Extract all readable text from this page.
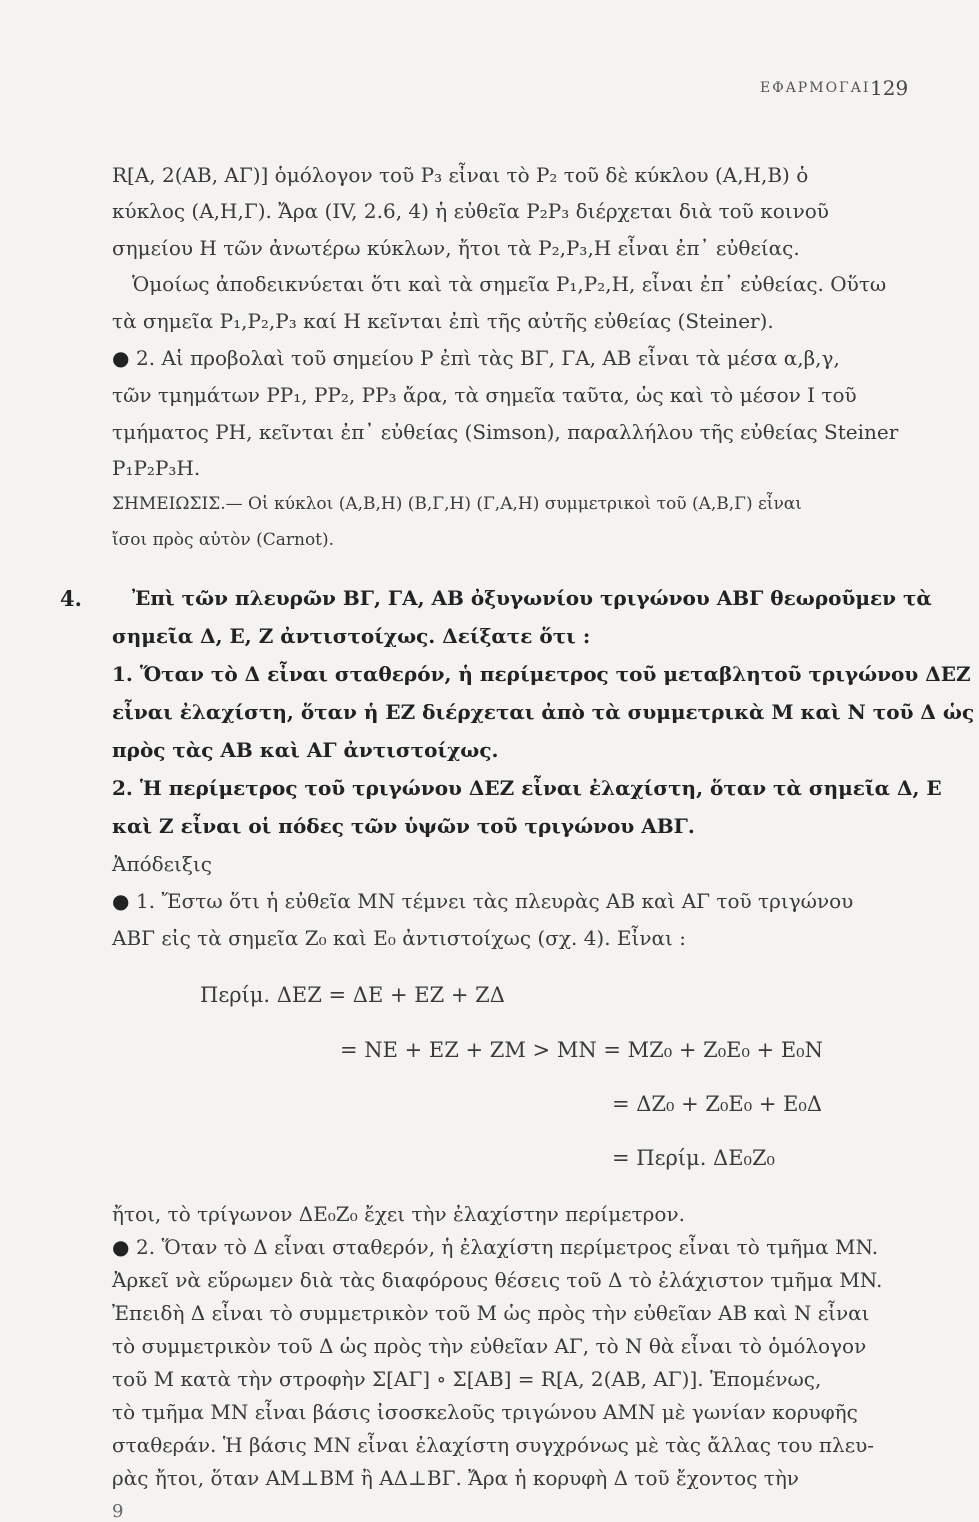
ΕΦΑΡΜΟΓΑΙ 129
R[A, 2(AB, AΓ)] ὁμόλογον τοῦ P₃ εἶναι τὸ P₂ τοῦ δὲ κύκλου (A,H,B) ὁ
κύκλος (A,H,Γ). Ἄρα (IV, 2.6, 4) ἡ εὐθεῖα P₂P₃ διέρχεται διὰ τοῦ κοινοῦ
σημείου H τῶν ἀνωτέρω κύκλων, ἤτοι τὰ P₂,P₃,H εἶναι ἐπ᾽ εὐθείας.
Ὁμοίως ἀποδεικνύεται ὅτι καὶ τὰ σημεῖα P₁,P₂,H, εἶναι ἐπ᾽ εὐθείας. Οὕτω
τὰ σημεῖα P₁,P₂,P₃ καί H κεῖνται ἐπὶ τῆς αὐτῆς εὐθείας (Steiner).
● 2. Αἱ προβολαὶ τοῦ σημείου P ἐπὶ τὰς BΓ, ΓA, AB εἶναι τὰ μέσα α,β,γ,
τῶν τμημάτων PP₁, PP₂, PP₃ ἄρα, τὰ σημεῖα ταῦτα, ὡς καὶ τὸ μέσον I τοῦ
τμήματος PH, κεῖνται ἐπ᾽ εὐθείας (Simson), παραλλήλου τῆς εὐθείας Steiner
P₁P₂P₃H.
ΣΗΜΕΙΩΣΙΣ.— Οἱ κύκλοι (A,B,H) (B,Γ,H) (Γ,A,H) συμμετρικοὶ τοῦ (A,B,Γ) εἶναι
ἴσοι πρὸς αὐτὸν (Carnot).
4.	Ἐπὶ τῶν πλευρῶν BΓ, ΓA, AB ὀξυγωνίου τριγώνου ABΓ θεωροῦμεν τὰ
σημεῖα Δ, E, Z ἀντιστοίχως. Δείξατε ὅτι :
1. Ὅταν τὸ Δ εἶναι σταθερόν, ἡ περίμετρος τοῦ μεταβλητοῦ τριγώνου ΔEZ
εἶναι ἐλαχίστη, ὅταν ἡ EZ διέρχεται ἀπὸ τὰ συμμετρικὰ M καὶ N τοῦ Δ ὡς
πρὸς τὰς AB καὶ AΓ ἀντιστοίχως.
2. Ἡ περίμετρος τοῦ τριγώνου ΔEZ εἶναι ἐλαχίστη, ὅταν τὰ σημεῖα Δ, E
καὶ Z εἶναι οἱ πόδες τῶν ὑψῶν τοῦ τριγώνου ABΓ.
Ἀπόδειξις
● 1. Ἔστω ὅτι ἡ εὐθεῖα MN τέμνει τὰς πλευρὰς AB καὶ AΓ τοῦ τριγώνου
ABΓ εἰς τὰ σημεῖα Z₀ καὶ E₀ ἀντιστοίχως (σχ. 4). Εἶναι :
Περίμ. ΔEZ = ΔE + EZ + ZΔ
= NE + EZ + ZM > MN = MZ₀ + Z₀E₀ + E₀N
= ΔZ₀ + Z₀E₀ + E₀Δ
= Περίμ. ΔE₀Z₀
ἤτοι, τὸ τρίγωνον ΔE₀Z₀ ἔχει τὴν ἐλαχίστην περίμετρον.
● 2. Ὅταν τὸ Δ εἶναι σταθερόν, ἡ ἐλαχίστη περίμετρος εἶναι τὸ τμῆμα MN.
Ἀρκεῖ νὰ εὕρωμεν διὰ τὰς διαφόρους θέσεις τοῦ Δ τὸ ἐλάχιστον τμῆμα MN.
Ἐπειδὴ Δ εἶναι τὸ συμμετρικὸν τοῦ M ὡς πρὸς τὴν εὐθεῖαν AB καὶ N εἶναι
τὸ συμμετρικὸν τοῦ Δ ὡς πρὸς τὴν εὐθεῖαν AΓ, τὸ N θὰ εἶναι τὸ ὁμόλογον
τοῦ M κατὰ τὴν στροφὴν Σ[AΓ] ∘ Σ[AB] = R[A, 2(AB, AΓ)]. Ἑπομένως,
τὸ τμῆμα MN εἶναι βάσις ἰσοσκελοῦς τριγώνου AMN μὲ γωνίαν κορυφῆς
σταθεράν. Ἡ βάσις MN εἶναι ἐλαχίστη συγχρόνως μὲ τὰς ἄλλας του πλευ-
ρὰς ἤτοι, ὅταν AM⊥BM ἢ AΔ⊥BΓ. Ἄρα ἡ κορυφὴ Δ τοῦ ἔχοντος τὴν
9
